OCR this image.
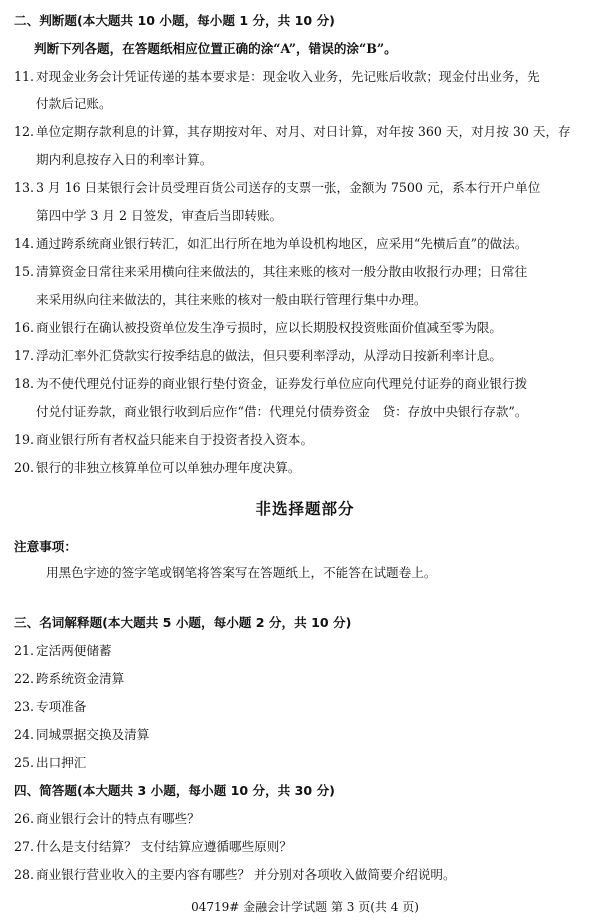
二、判断题(本大题共 10 小题，每小题 1 分，共 10 分)
判断下列各题，在答题纸相应位置正确的涂“A”，错误的涂“B”。
11. 对现金业务会计凭证传递的基本要求是：现金收入业务，先记账后收款；现金付出业务，先
付款后记账。
12. 单位定期存款利息的计算，其存期按对年、对月、对日计算，对年按 360 天，对月按 30 天，存
期内利息按存入日的利率计算。
13. 3 月 16 日某银行会计员受理百货公司送存的支票一张，金额为 7500 元，系本行开户单位
第四中学 3 月 2 日签发，审查后当即转账。
14. 通过跨系统商业银行转汇，如汇出行所在地为单设机构地区，应采用“先横后直”的做法。
15. 清算资金日常往来采用横向往来做法的，其往来账的核对一般分散由收报行办理；日常往
来采用纵向往来做法的，其往来账的核对一般由联行管理行集中办理。
16. 商业银行在确认被投资单位发生净亏损时，应以长期股权投资账面价值减至零为限。
17. 浮动汇率外汇贷款实行按季结息的做法，但只要利率浮动，从浮动日按新利率计息。
18. 为不使代理兑付证券的商业银行垫付资金，证券发行单位应向代理兑付证券的商业银行拨
付兑付证券款，商业银行收到后应作“借：代理兑付债券资金　贷：存放中央银行存款”。
19. 商业银行所有者权益只能来自于投资者投入资本。
20. 银行的非独立核算单位可以单独办理年度决算。
非选择题部分
注意事项：
用黑色字迹的签字笔或钢笔将答案写在答题纸上，不能答在试题卷上。
三、名词解释题(本大题共 5 小题，每小题 2 分，共 10 分)
21. 定活两便储蓄
22. 跨系统资金清算
23. 专项准备
24. 同城票据交换及清算
25. 出口押汇
四、简答题(本大题共 3 小题，每小题 10 分，共 30 分)
26. 商业银行会计的特点有哪些？
27. 什么是支付结算？ 支付结算应遵循哪些原则？
28. 商业银行营业收入的主要内容有哪些？ 并分别对各项收入做简要介绍说明。
04719# 金融会计学试题 第 3 页(共 4 页)
